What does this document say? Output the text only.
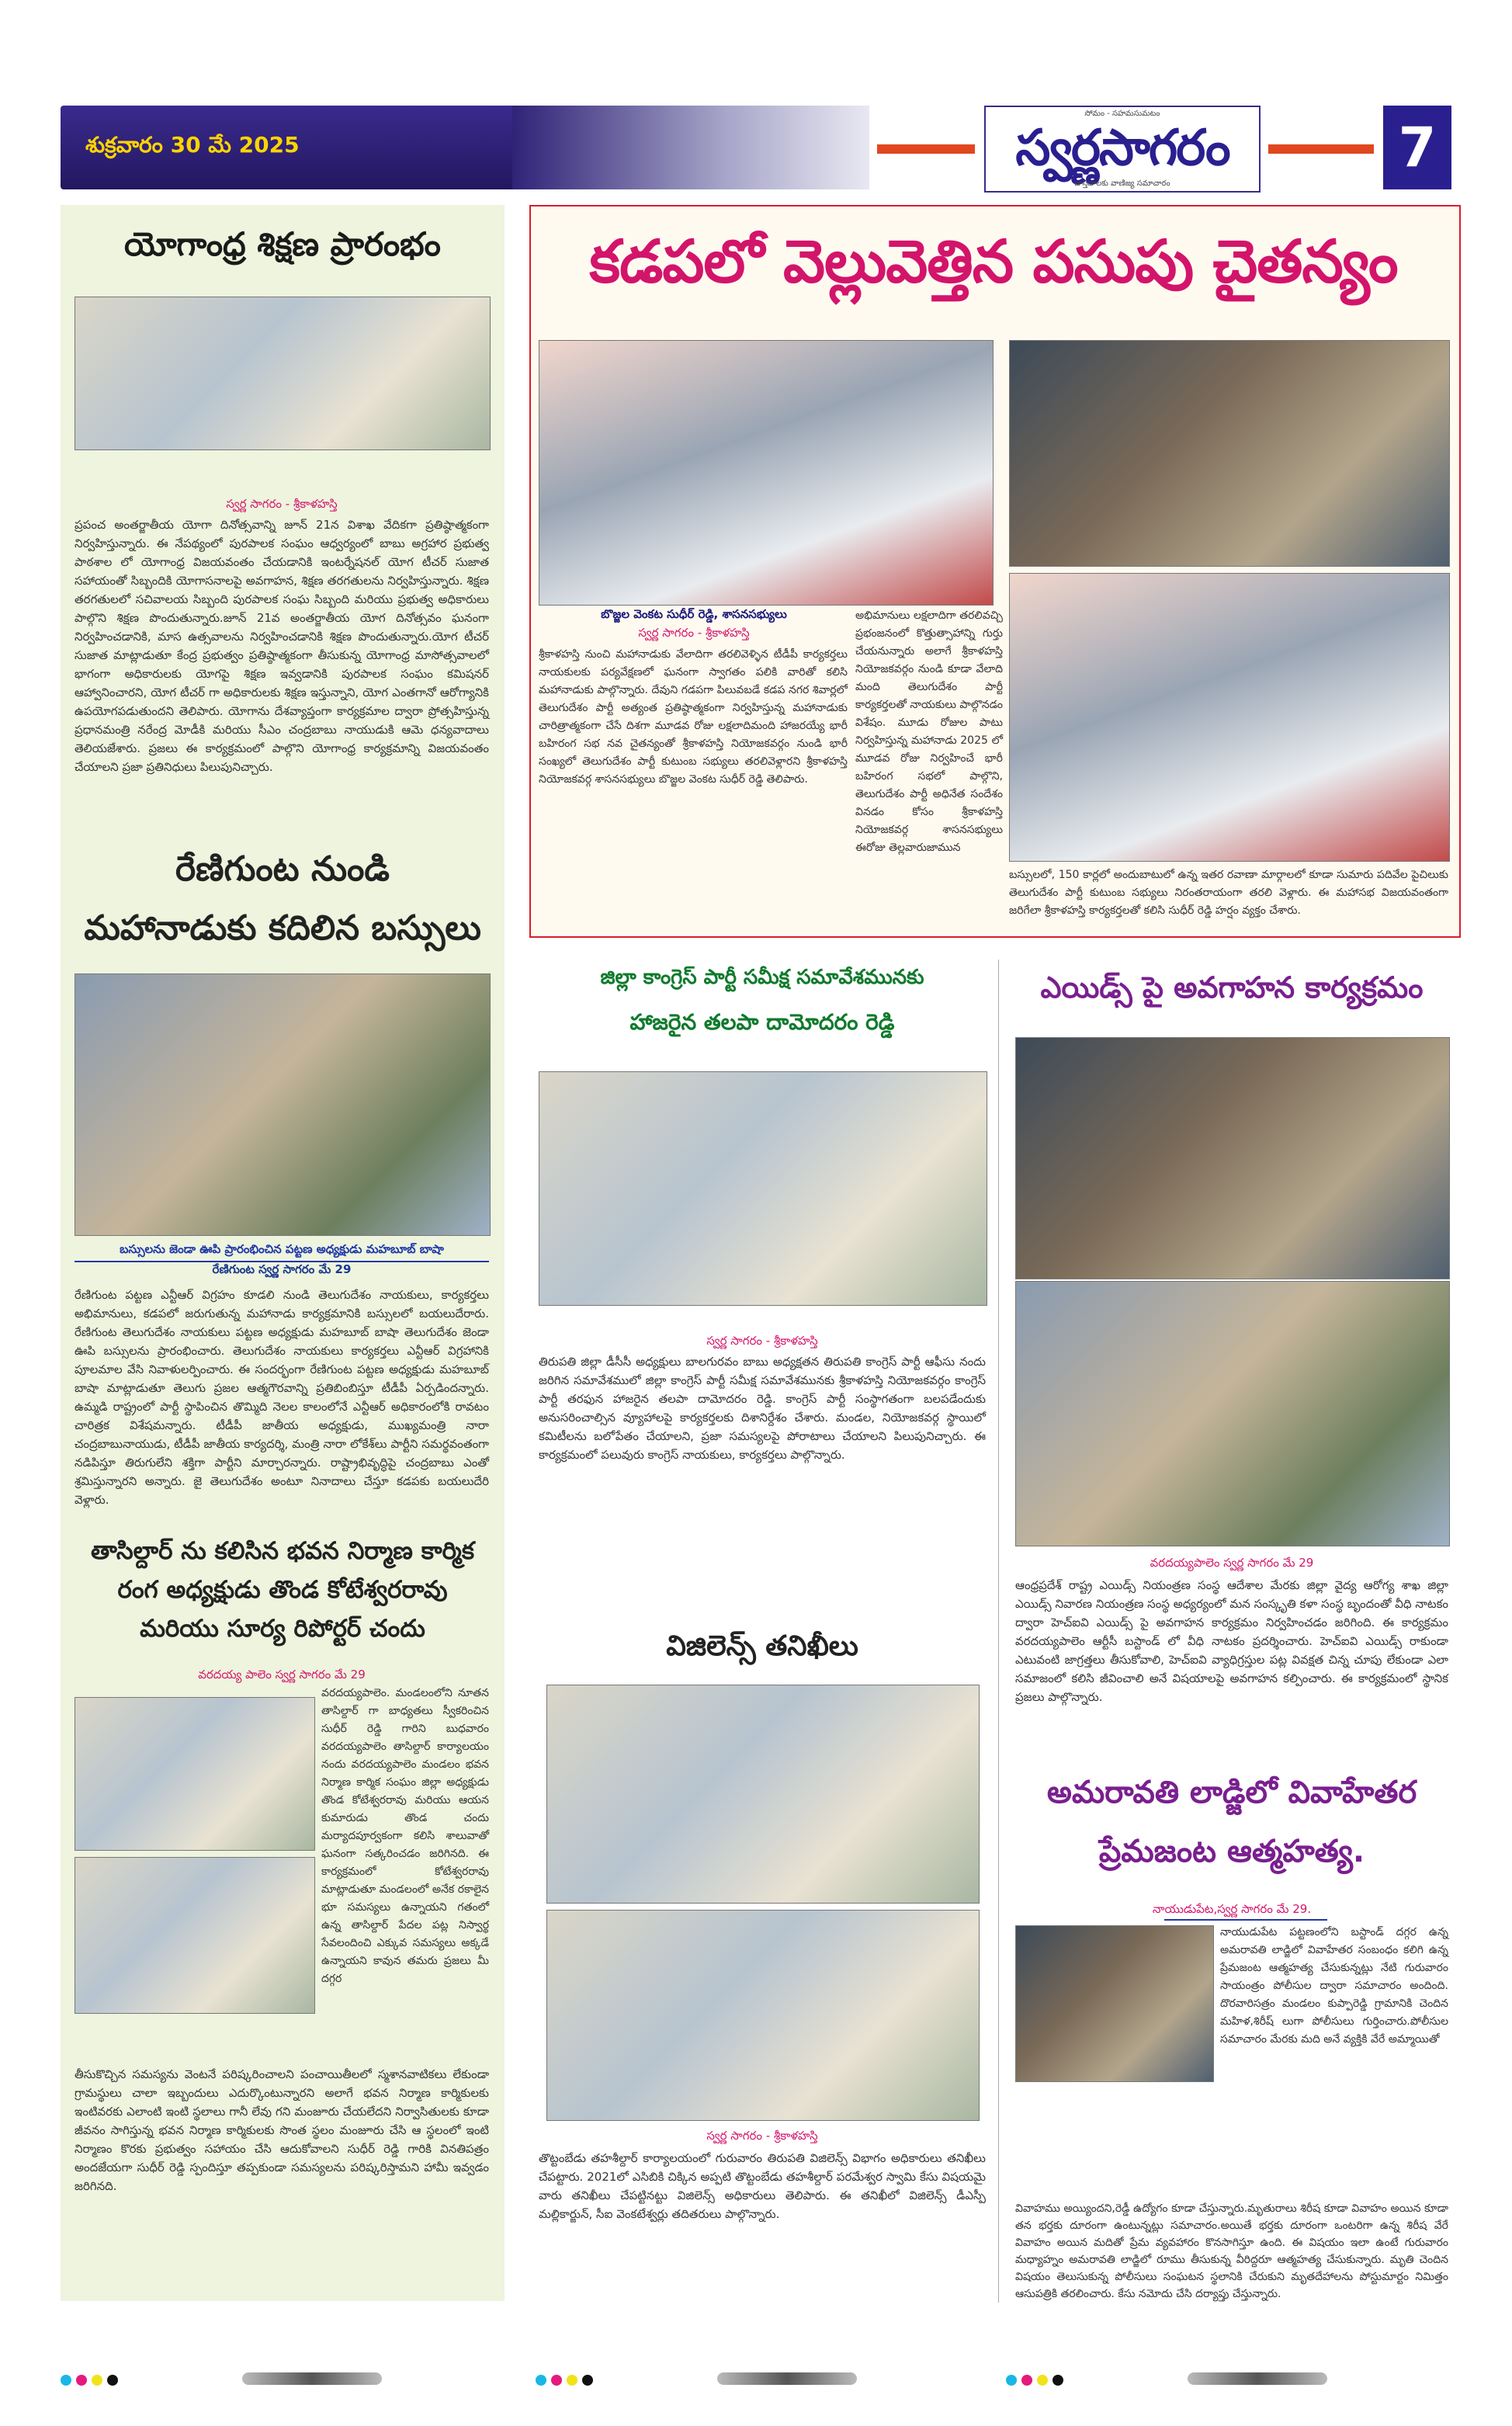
శుక్రవారం 30 మే 2025
సోమం - సహమసుమటం
స్వర్ణసాగరం
వాస్తవాలకు వాణిజ్య సమాచారం
7
యోగాంధ్ర శిక్షణ ప్రారంభం
స్వర్ణ సాగరం - శ్రీకాళహస్తి
ప్రపంచ అంతర్జాతీయ యోగా దినోత్సవాన్ని జూన్ 21న విశాఖ వేదికగా ప్రతిష్ఠాత్మకంగా నిర్వహిస్తున్నారు. ఈ నేపథ్యంలో పురపాలక సంఘం ఆధ్వర్యంలో బాబు అగ్రహార ప్రభుత్వ పాఠశాల లో యోగాంధ్ర విజయవంతం చేయడానికి ఇంటర్నేషనల్ యోగ టీచర్ సుజాత సహాయంతో సిబ్బందికి యోగాసనాలపై అవగాహన, శిక్షణ తరగతులను నిర్వహిస్తున్నారు. శిక్షణ తరగతులలో సచివాలయ సిబ్బంది పురపాలక సంఘ సిబ్బంది మరియు ప్రభుత్వ అధికారులు పాల్గొని శిక్షణ పొందుతున్నారు.జూన్ 21వ అంతర్జాతీయ యోగ దినోత్సవం ఘనంగా నిర్వహించడానికి, మాస ఉత్సవాలను నిర్వహించడానికి శిక్షణ పొందుతున్నారు.యోగ టీచర్ సుజాత మాట్లాడుతూ కేంద్ర ప్రభుత్వం ప్రతిష్ఠాత్మకంగా తీసుకున్న యోగాంధ్ర మాసోత్సవాలలో భాగంగా అధికారులకు యోగపై శిక్షణ ఇవ్వడానికి పురపాలక సంఘం కమిషనర్ ఆహ్వానించారని, యోగ టీచర్ గా అధికారులకు శిక్షణ ఇస్తున్నాని, యోగ ఎంతగానో ఆరోగ్యానికి ఉపయోగపడుతుందని తెలిపారు. యోగాను దేశవ్యాప్తంగా కార్యక్రమాల ద్వారా ప్రోత్సహిస్తున్న ప్రధానమంత్రి నరేంద్ర మోడీకి మరియు సీఎం చంద్రబాబు నాయుడుకి ఆమె ధన్యవాదాలు తెలియజేశారు. ప్రజలు ఈ కార్యక్రమంలో పాల్గొని యోగాంధ్ర కార్యక్రమాన్ని విజయవంతం చేయాలని ప్రజా ప్రతినిధులు పిలుపునిచ్చారు.
రేణిగుంట నుండి
మహానాడుకు కదిలిన బస్సులు
బస్సులను జెండా ఊపి ప్రారంభించిన పట్టణ అధ్యక్షుడు మహబూబ్ బాషా
రేణిగుంట స్వర్ణ సాగరం మే 29
రేణిగుంట పట్టణ ఎన్టీఆర్ విగ్రహం కూడలి నుండి తెలుగుదేశం నాయకులు, కార్యకర్తలు అభిమానులు, కడపలో జరుగుతున్న మహానాడు కార్యక్రమానికి బస్సులలో బయలుదేరారు. రేణిగుంట తెలుగుదేశం నాయకులు పట్టణ అధ్యక్షుడు మహబూబ్ బాషా తెలుగుదేశం జెండా ఊపి బస్సులను ప్రారంభించారు. తెలుగుదేశం నాయకులు కార్యకర్తలు ఎన్టీఆర్ విగ్రహానికి పూలమాల వేసి నివాళులర్పించారు. ఈ సందర్భంగా రేణిగుంట పట్టణ అధ్యక్షుడు మహబూబ్ బాషా మాట్లాడుతూ తెలుగు ప్రజల ఆత్మగౌరవాన్ని ప్రతిబింబిస్తూ టీడీపీ ఏర్పడిందన్నారు. ఉమ్మడి రాష్ట్రంలో పార్టీ స్థాపించిన తొమ్మిది నెలల కాలంలోనే ఎన్టీఆర్ అధికారంలోకి రావటం చారిత్రక విశేషమన్నారు. టీడీపీ జాతీయ అధ్యక్షుడు, ముఖ్యమంత్రి నారా చంద్రబాబునాయుడు, టీడీపీ జాతీయ కార్యదర్శి, మంత్రి నారా లోకేశ్‌లు పార్టీని సమర్థవంతంగా నడిపిస్తూ తిరుగులేని శక్తిగా పార్టీని మార్చారన్నారు. రాష్ట్రాభివృద్ధిపై చంద్రబాబు ఎంతో శ్రమిస్తున్నారని అన్నారు. జై తెలుగుదేశం అంటూ నినాదాలు చేస్తూ కడపకు బయలుదేరి వెళ్లారు.
తాసిల్దార్ ను కలిసిన భవన నిర్మాణ కార్మిక
రంగ అధ్యక్షుడు తొండ కోటేశ్వరరావు
మరియు సూర్య రిపోర్టర్ చందు
వరదయ్య పాలెం స్వర్ణ సాగరం మే 29
వరదయ్యపాలెం. మండలంలోని నూతన తాసిల్దార్ గా బాధ్యతలు స్వీకరించిన సుధీర్ రెడ్డి గారిని బుధవారం వరదయ్యపాలెం తాసిల్దార్ కార్యాలయం నందు వరదయ్యపాలెం మండలం భవన నిర్మాణ కార్మిక సంఘం జిల్లా అధ్యక్షుడు తొండ కోటేశ్వరరావు మరియు ఆయన కుమారుడు తొండ చందు మర్యాదపూర్వకంగా కలిసి శాలువాతో ఘనంగా సత్కరించడం జరిగినది. ఈ కార్యక్రమంలో కోటేశ్వరరావు మాట్లాడుతూ మండలంలో అనేక రకాలైన భూ సమస్యలు ఉన్నాయని గతంలో ఉన్న తాసిల్దార్ పేదల పట్ల నిస్వార్థ సేవలందించి ఎక్కువ సమస్యలు అక్కడే ఉన్నాయని కావున తమరు ప్రజలు మీ దగ్గర
తీసుకొచ్చిన సమస్యను వెంటనే పరిష్కరించాలని పంచాయితీలలో స్మశానవాటికలు లేకుండా గ్రామస్థులు చాలా ఇబ్బందులు ఎదుర్కొంటున్నారని అలాగే భవన నిర్మాణ కార్మికులకు ఇంటివరకు ఎలాంటి ఇంటి స్థలాలు గానీ లేవు గని మంజూరు చేయలేదని నిర్వాసితులకు కూడా జీవనం సాగిస్తున్న భవన నిర్మాణ కార్మికులకు సొంత స్థలం మంజూరు చేసి ఆ స్థలంలో ఇంటి నిర్మాణం కొరకు ప్రభుత్వం సహాయం చేసి ఆదుకోవాలని సుధీర్ రెడ్డి గారికి వినతిపత్రం అందజేయగా సుధీర్ రెడ్డి స్పందిస్తూ తప్పకుండా సమస్యలను పరిష్కరిస్తామని హామీ ఇవ్వడం జరిగినది.
కడపలో వెల్లువెత్తిన పసుపు చైతన్యం
బొజ్జల వెంకట సుధీర్ రెడ్డి, శాసనసభ్యులు
స్వర్ణ సాగరం - శ్రీకాళహస్తి
శ్రీకాళహస్తి నుంచి మహానాడుకు వేలాదిగా తరలివెళ్ళిన టీడీపీ కార్యకర్తలు నాయకులకు పర్యవేక్షణలో ఘనంగా స్వాగతం పలికి వారితో కలిసి మహానాడుకు పాల్గొన్నారు. దేవుని గడపగా పిలువబడే కడప నగర శివార్లలో తెలుగుదేశం పార్టీ అత్యంత ప్రతిష్ఠాత్మకంగా నిర్వహిస్తున్న మహానాడుకు చారిత్రాత్మకంగా చేసే దిశగా మూడవ రోజు లక్షలాదిమంది హాజరయ్యే భారీ బహిరంగ సభ నవ చైతన్యంతో శ్రీకాళహస్తి నియోజకవర్గం నుండి భారీ సంఖ్యలో తెలుగుదేశం పార్టీ కుటుంబ సభ్యులు తరలివెళ్లారని శ్రీకాళహస్తి నియోజకవర్గ శాసనసభ్యులు బొజ్జల వెంకట సుధీర్ రెడ్డి తెలిపారు.
అభిమానులు లక్షలాదిగా తరలివచ్చి ప్రభంజనంలో కొత్తుత్సాహాన్ని గుర్తు చేయనున్నారు అలాగే శ్రీకాళహస్తి నియోజకవర్గం నుండి కూడా వేలాది మంది తెలుగుదేశం పార్టీ కార్యకర్తలతో నాయకులు పాల్గొనడం విశేషం. మూడు రోజుల పాటు నిర్వహిస్తున్న మహానాడు 2025 లో మూడవ రోజు నిర్వహించే భారీ బహిరంగ సభలో పాల్గొని, తెలుగుదేశం పార్టీ అధినేత సందేశం వినడం కోసం శ్రీకాళహస్తి నియోజకవర్గ శాసనసభ్యులు ఈరోజు తెల్లవారుజామున
బస్సులలో, 150 కార్లలో అందుబాటులో ఉన్న ఇతర రవాణా మార్గాలలో కూడా సుమారు పదివేల పైచిలుకు తెలుగుదేశం పార్టీ కుటుంబ సభ్యులు నిరంతరాయంగా తరలి వెళ్లారు. ఈ మహాసభ విజయవంతంగా జరిగేలా శ్రీకాళహస్తి కార్యకర్తలతో కలిసి సుధీర్ రెడ్డి హర్షం వ్యక్తం చేశారు.
జిల్లా కాంగ్రెస్ పార్టీ సమీక్ష సమావేశమునకు
హాజరైన తలపా దామోదరం రెడ్డి
స్వర్ణ సాగరం - శ్రీకాళహస్తి
తిరుపతి జిల్లా డీసీసీ అధ్యక్షులు బాలగురవం బాబు అధ్యక్షతన తిరుపతి కాంగ్రెస్ పార్టీ ఆఫీసు నందు జరిగిన సమావేశములో జిల్లా కాంగ్రెస్ పార్టీ సమీక్ష సమావేశమునకు శ్రీకాళహస్తి నియోజకవర్గం కాంగ్రెస్ పార్టీ తరఫున హాజరైన తలపా దామోదరం రెడ్డి. కాంగ్రెస్ పార్టీ సంస్థాగతంగా బలపడేందుకు అనుసరించాల్సిన వ్యూహాలపై కార్యకర్తలకు దిశానిర్దేశం చేశారు. మండల, నియోజకవర్గ స్థాయిలో కమిటీలను బలోపేతం చేయాలని, ప్రజా సమస్యలపై పోరాటాలు చేయాలని పిలుపునిచ్చారు. ఈ కార్యక్రమంలో పలువురు కాంగ్రెస్ నాయకులు, కార్యకర్తలు పాల్గొన్నారు.
విజిలెన్స్ తనిఖీలు
స్వర్ణ సాగరం - శ్రీకాళహస్తి
తొట్టంబేడు తహశీల్దార్ కార్యాలయంలో గురువారం తిరుపతి విజిలెన్స్ విభాగం అధికారులు తనిఖీలు చేపట్టారు. 2021లో ఎసిబికి చిక్కిన అప్పటి తొట్టంబేడు తహశీల్దార్ పరమేశ్వర స్వామి కేసు విషయమై వారు తనిఖీలు చేపట్టినట్టు విజిలెన్స్ అధికారులు తెలిపారు. ఈ తనిఖీలో విజిలెన్స్ డీఎస్పీ మల్లికార్జున్, సీఐ వెంకటేశ్వర్లు తదితరులు పాల్గొన్నారు.
ఎయిడ్స్ పై అవగాహన కార్యక్రమం
వరదయ్యపాలెం స్వర్ణ సాగరం మే 29
ఆంధ్రప్రదేశ్ రాష్ట్ర ఎయిడ్స్ నియంత్రణ సంస్థ ఆదేశాల మేరకు జిల్లా వైద్య ఆరోగ్య శాఖ జిల్లా ఎయిడ్స్ నివారణ నియంత్రణ సంస్థ అధ్యర్యంలో మన సంస్కృతి కళా సంస్థ బృందంతో వీధి నాటకం ద్వారా హెచ్ఐవి ఎయిడ్స్ పై అవగాహన కార్యక్రమం నిర్వహించడం జరిగింది. ఈ కార్యక్రమం వరదయ్యపాలెం ఆర్టీసీ బస్టాండ్ లో వీధి నాటకం ప్రదర్శించారు. హెచ్ఐవి ఎయిడ్స్ రాకుండా ఎటువంటి జాగ్రత్తలు తీసుకోవాలి, హెచ్ఐవి వ్యాధిగ్రస్తుల పట్ల వివక్షత చిన్న చూపు లేకుండా ఎలా సమాజంలో కలిసి జీవించాలి అనే విషయాలపై అవగాహన కల్పించారు. ఈ కార్యక్రమంలో స్థానిక ప్రజలు పాల్గొన్నారు.
అమరావతి లాడ్జిలో వివాహేతర
ప్రేమజంట ఆత్మహత్య.
నాయుడుపేట,స్వర్ణ సాగరం మే 29.
నాయుడుపేట పట్టణంలోని బస్టాండ్ దగ్గర ఉన్న అమరావతి లాడ్జిలో వివాహేతర సంబంధం కలిగి ఉన్న ప్రేమజంట ఆత్మహత్య చేసుకున్నట్లు నేటి గురువారం సాయంత్రం పోలీసుల ద్వారా సమాచారం అందింది. దొరవారిసత్రం మండలం కుప్పారెడ్డి గ్రామానికి చెందిన మహిళ,శిరీష్ లుగా పోలీసులు గుర్తించారు.పోలీసుల సమాచారం మేరకు మది అనే వ్యక్తికి వేరే అమ్మాయితో
వివాహము అయ్యిందని,రెడ్డీ ఉద్యోగం కూడా చేస్తున్నారు.మృతురాలు శిరీష కూడా వివాహం అయిన కూడా తన భర్తకు దూరంగా ఉంటున్నట్లు సమాచారం.అయితే భర్తకు దూరంగా ఒంటరిగా ఉన్న శిరీష వేరే వివాహం అయిన మదితో ప్రేమ వ్యవహారం కొనసాగిస్తూ ఉంది. ఈ విషయం ఇలా ఉంటే గురువారం మధ్యాహ్నం అమరావతి లాడ్జిలో రూము తీసుకున్న వీరిద్దరూ ఆత్మహత్య చేసుకున్నారు. మృతి చెందిన విషయం తెలుసుకున్న పోలీసులు సంఘటన స్థలానికి చేరుకుని మృతదేహాలను పోస్టుమార్టం నిమిత్తం ఆసుపత్రికి తరలించారు. కేసు నమోదు చేసి దర్యాప్తు చేస్తున్నారు.
